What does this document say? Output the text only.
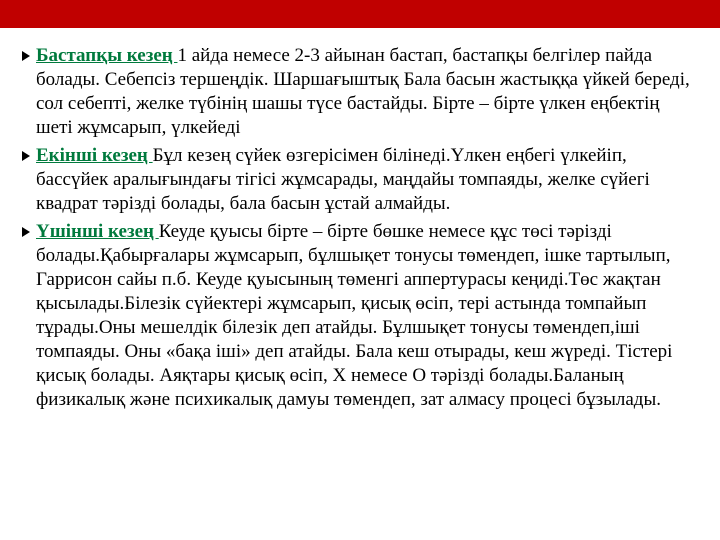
Бастапқы кезең 1 айда немесе 2-3 айынан бастап, бастапқы белгілер пайда болады. Себепсіз тершеңдік. Шаршағыштық Бала басын жастыққа үйкей береді, сол себепті, желке түбінің шашы түсе бастайды. Бірте – бірте үлкен еңбектің шеті жұмсарып, үлкейеді
Екінші кезең Бұл кезең сүйек өзгерісімен білінеді.Үлкен еңбегі үлкейіп, бассүйек аралығындағы тігісі жұмсарады, маңдайы томпаяды, желке сүйегі квадрат тәрізді болады, бала басын ұстай алмайды.
Үшінші кезең Кеуде қуысы бірте – бірте бөшке немесе құс төсі тәрізді болады.Қабырғалары жұмсарып, бұлшықет тонусы төмендеп, ішке тартылып, Гаррисон сайы п.б. Кеуде қуысының төменгі аппертурасы кеңиді.Төс жақтан қысылады.Білезік сүйектері жұмсарып, қисық өсіп, тері астында томпайып тұрады.Оны мешелдік білезік деп атайды. Бұлшықет тонусы төмендеп,іші томпаяды. Оны «бақа іші» деп атайды. Бала кеш отырады, кеш жүреді. Тістері қисық болады. Аяқтары қисық өсіп, Х немесе О тәрізді болады.Баланың физикалық және психикалық дамуы төмендеп, зат алмасу процесі бұзылады.
